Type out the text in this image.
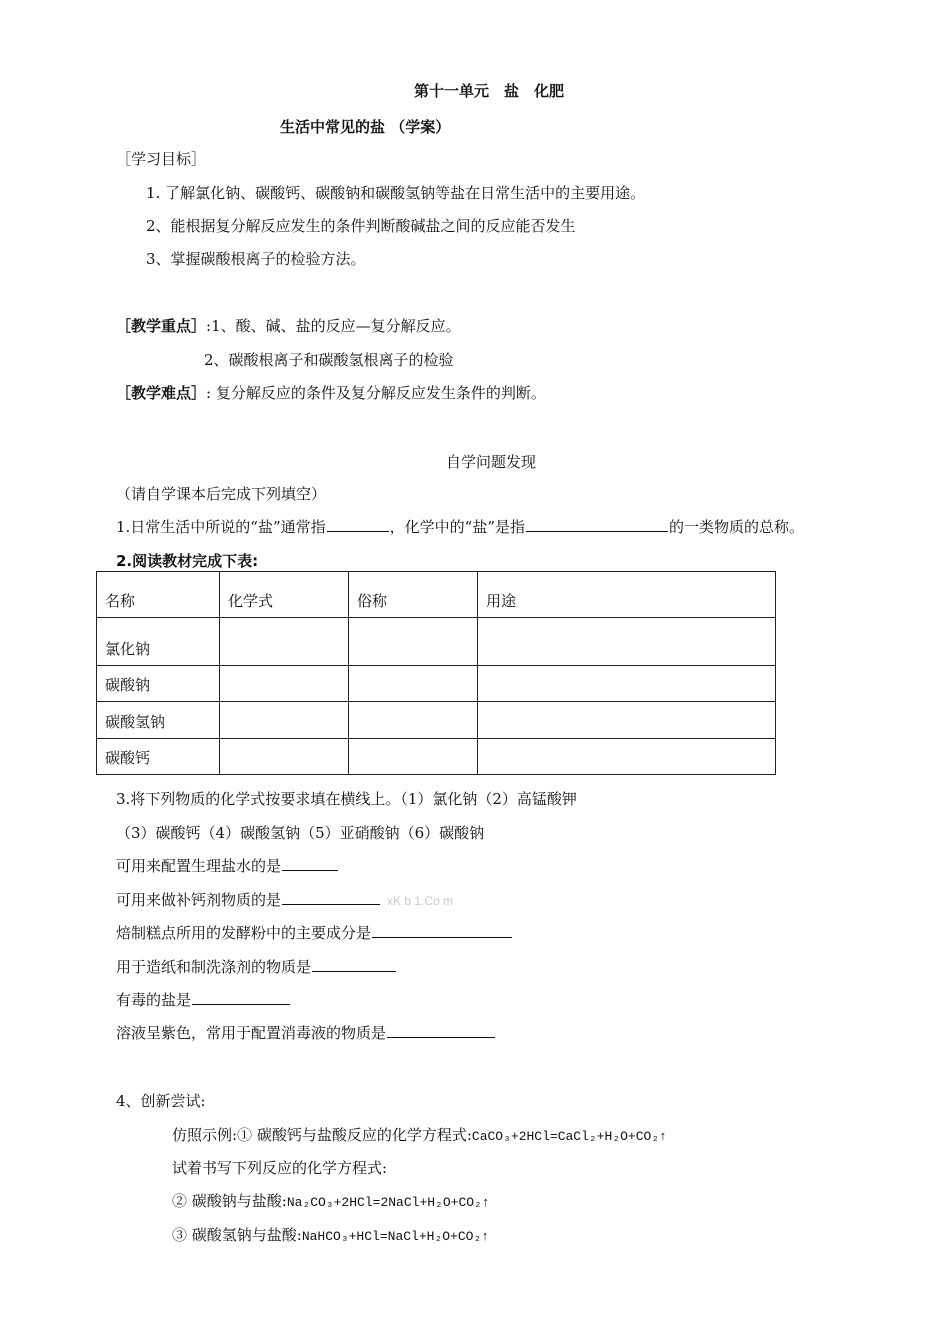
第十一单元　盐　化肥
生活中常见的盐 （学案）
［学习目标］
1. 了解氯化钠、碳酸钙、碳酸钠和碳酸氢钠等盐在日常生活中的主要用途。
2、能根据复分解反应发生的条件判断酸碱盐之间的反应能否发生
3、掌握碳酸根离子的检验方法。
［教学重点］:1、酸、碱、盐的反应—复分解反应。
2、碳酸根离子和碳酸氢根离子的检验
［教学难点］: 复分解反应的条件及复分解反应发生条件的判断。
自学问题发现
（请自学课本后完成下列填空）
1.日常生活中所说的“盐”通常指	，化学中的“盐”是指	的一类物质的总称。
2.阅读教材完成下表:
名称	化学式	俗称	用途
氯化钠			
碳酸钠			
碳酸氢钠			
碳酸钙			
3.将下列物质的化学式按要求填在横线上。（1）氯化钠（2）高锰酸钾
（3）碳酸钙（4）碳酸氢钠（5）亚硝酸钠（6）碳酸钠
可用来配置生理盐水的是
可用来做补钙剂物质的是	xK b 1.Co m
焙制糕点所用的发酵粉中的主要成分是
用于造纸和制洗涤剂的物质是
有毒的盐是
溶液呈紫色，常用于配置消毒液的物质是
4、创新尝试:
仿照示例:① 碳酸钙与盐酸反应的化学方程式:CaCO₃+2HCl=CaCl₂+H₂O+CO₂↑
试着书写下列反应的化学方程式:
② 碳酸钠与盐酸:Na₂CO₃+2HCl=2NaCl+H₂O+CO₂↑
③ 碳酸氢钠与盐酸:NaHCO₃+HCl=NaCl+H₂O+CO₂↑
